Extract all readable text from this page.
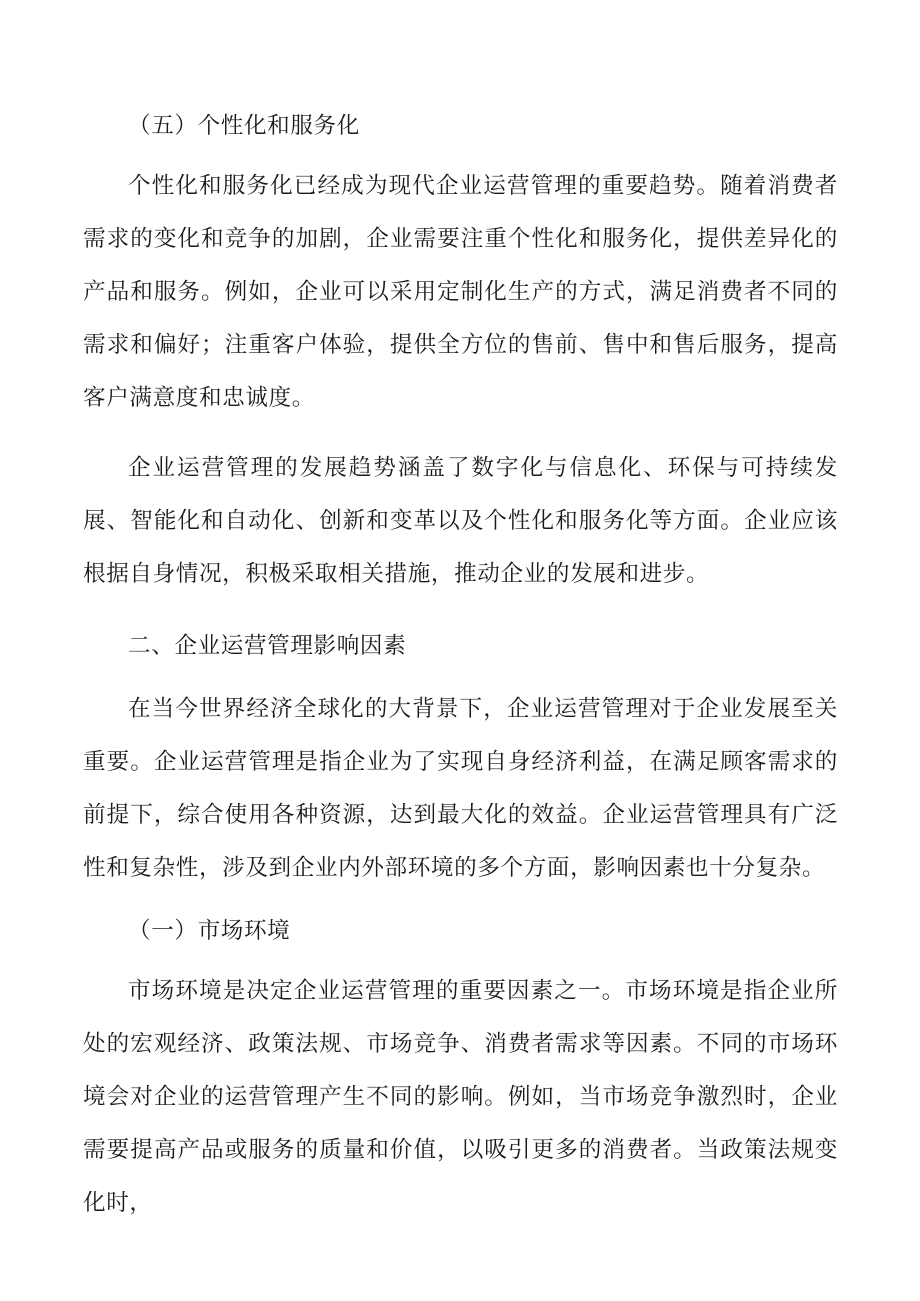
（五）个性化和服务化

个性化和服务化已经成为现代企业运营管理的重要趋势。随着消费者需求的变化和竞争的加剧，企业需要注重个性化和服务化，提供差异化的产品和服务。例如，企业可以采用定制化生产的方式，满足消费者不同的需求和偏好；注重客户体验，提供全方位的售前、售中和售后服务，提高客户满意度和忠诚度。

企业运营管理的发展趋势涵盖了数字化与信息化、环保与可持续发展、智能化和自动化、创新和变革以及个性化和服务化等方面。企业应该根据自身情况，积极采取相关措施，推动企业的发展和进步。

二、企业运营管理影响因素

在当今世界经济全球化的大背景下，企业运营管理对于企业发展至关重要。企业运营管理是指企业为了实现自身经济利益，在满足顾客需求的前提下，综合使用各种资源，达到最大化的效益。企业运营管理具有广泛性和复杂性，涉及到企业内外部环境的多个方面，影响因素也十分复杂。

（一）市场环境

市场环境是决定企业运营管理的重要因素之一。市场环境是指企业所处的宏观经济、政策法规、市场竞争、消费者需求等因素。不同的市场环境会对企业的运营管理产生不同的影响。例如，当市场竞争激烈时，企业需要提高产品或服务的质量和价值，以吸引更多的消费者。当政策法规变化时，
